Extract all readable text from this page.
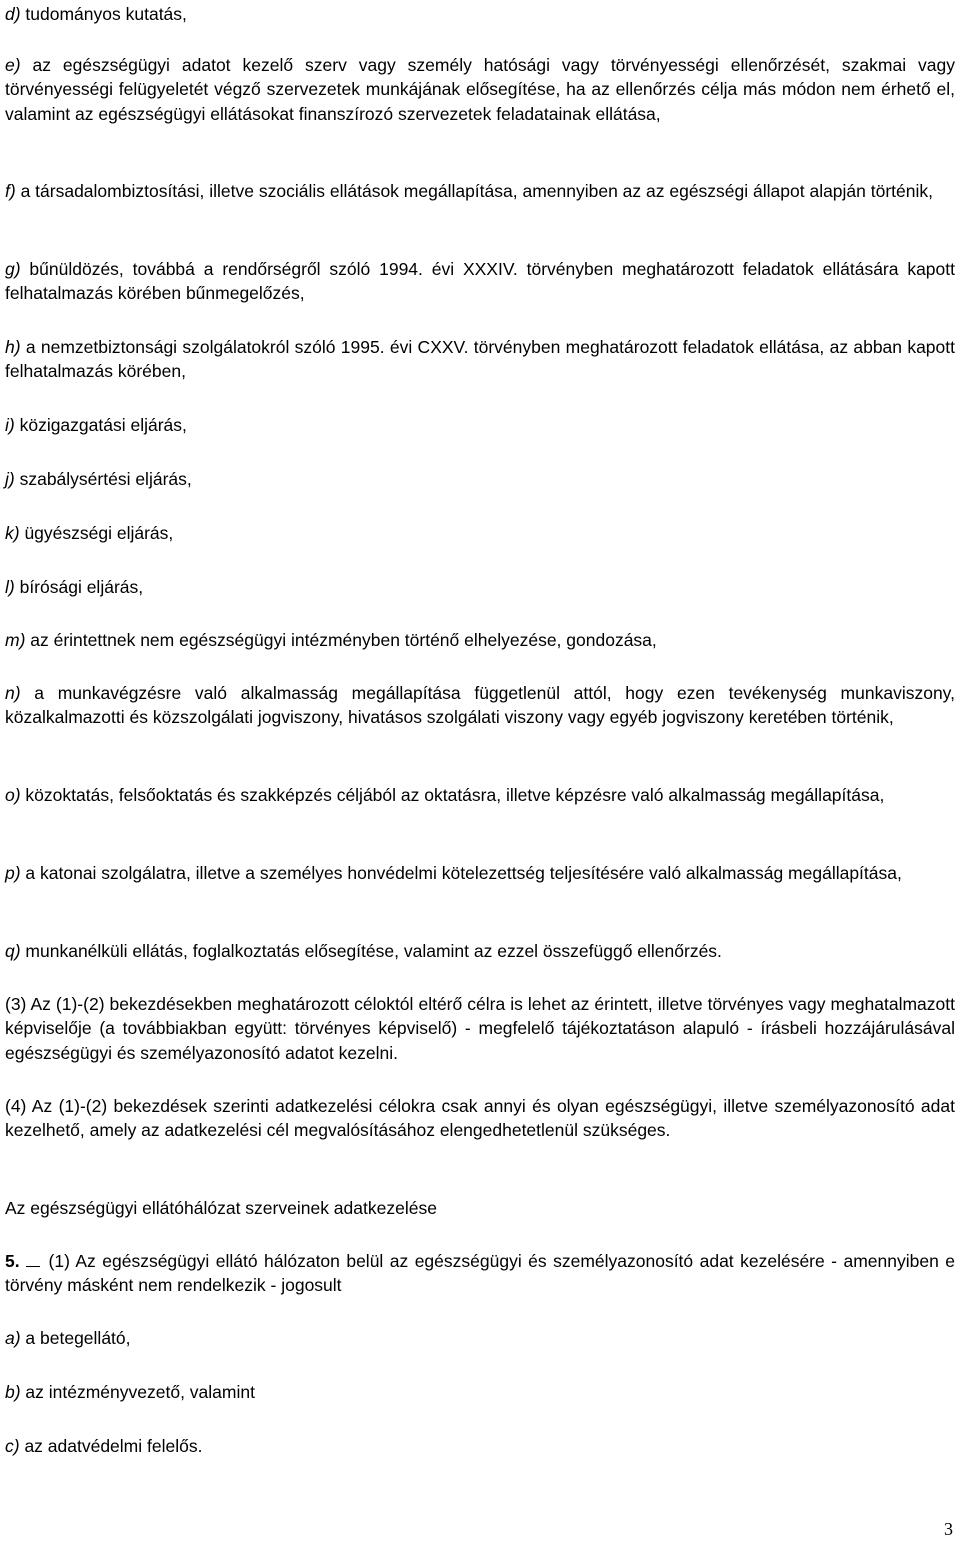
d) tudományos kutatás,

e) az egészségügyi adatot kezelő szerv vagy személy hatósági vagy törvényességi ellenőrzését, szakmai vagy törvényességi felügyeletét végző szervezetek munkájának elősegítése, ha az ellenőrzés célja más módon nem érhető el, valamint az egészségügyi ellátásokat finanszírozó szervezetek feladatainak ellátása,

f) a társadalombiztosítási, illetve szociális ellátások megállapítása, amennyiben az az egészségi állapot alapján történik,

g) bűnüldözés, továbbá a rendőrségről szóló 1994. évi XXXIV. törvényben meghatározott feladatok ellátására kapott felhatalmazás körében bűnmegelőzés,

h) a nemzetbiztonsági szolgálatokról szóló 1995. évi CXXV. törvényben meghatározott feladatok ellátása, az abban kapott felhatalmazás körében,

i) közigazgatási eljárás,

j) szabálysértési eljárás,

k) ügyészségi eljárás,

l) bírósági eljárás,

m) az érintettnek nem egészségügyi intézményben történő elhelyezése, gondozása,

n) a munkavégzésre való alkalmasság megállapítása függetlenül attól, hogy ezen tevékenység munkaviszony, közalkalmazotti és közszolgálati jogviszony, hivatásos szolgálati viszony vagy egyéb jogviszony keretében történik,

o) közoktatás, felsőoktatás és szakképzés céljából az oktatásra, illetve képzésre való alkalmasság megállapítása,

p) a katonai szolgálatra, illetve a személyes honvédelmi kötelezettség teljesítésére való alkalmasság megállapítása,

q) munkanélküli ellátás, foglalkoztatás elősegítése, valamint az ezzel összefüggő ellenőrzés.

(3) Az (1)-(2) bekezdésekben meghatározott céloktól eltérő célra is lehet az érintett, illetve törvényes vagy meghatalmazott képviselője (a továbbiakban együtt: törvényes képviselő) - megfelelő tájékoztatáson alapuló - írásbeli hozzájárulásával egészségügyi és személyazonosító adatot kezelni.

(4) Az (1)-(2) bekezdések szerinti adatkezelési célokra csak annyi és olyan egészségügyi, illetve személyazonosító adat kezelhető, amely az adatkezelési cél megvalósításához elengedhetetlenül szükséges.

Az egészségügyi ellátóhálózat szerveinek adatkezelése

5. (1) Az egészségügyi ellátó hálózaton belül az egészségügyi és személyazonosító adat kezelésére - amennyiben e törvény másként nem rendelkezik - jogosult

a) a betegellátó,

b) az intézményvezető, valamint

c) az adatvédelmi felelős.

3
